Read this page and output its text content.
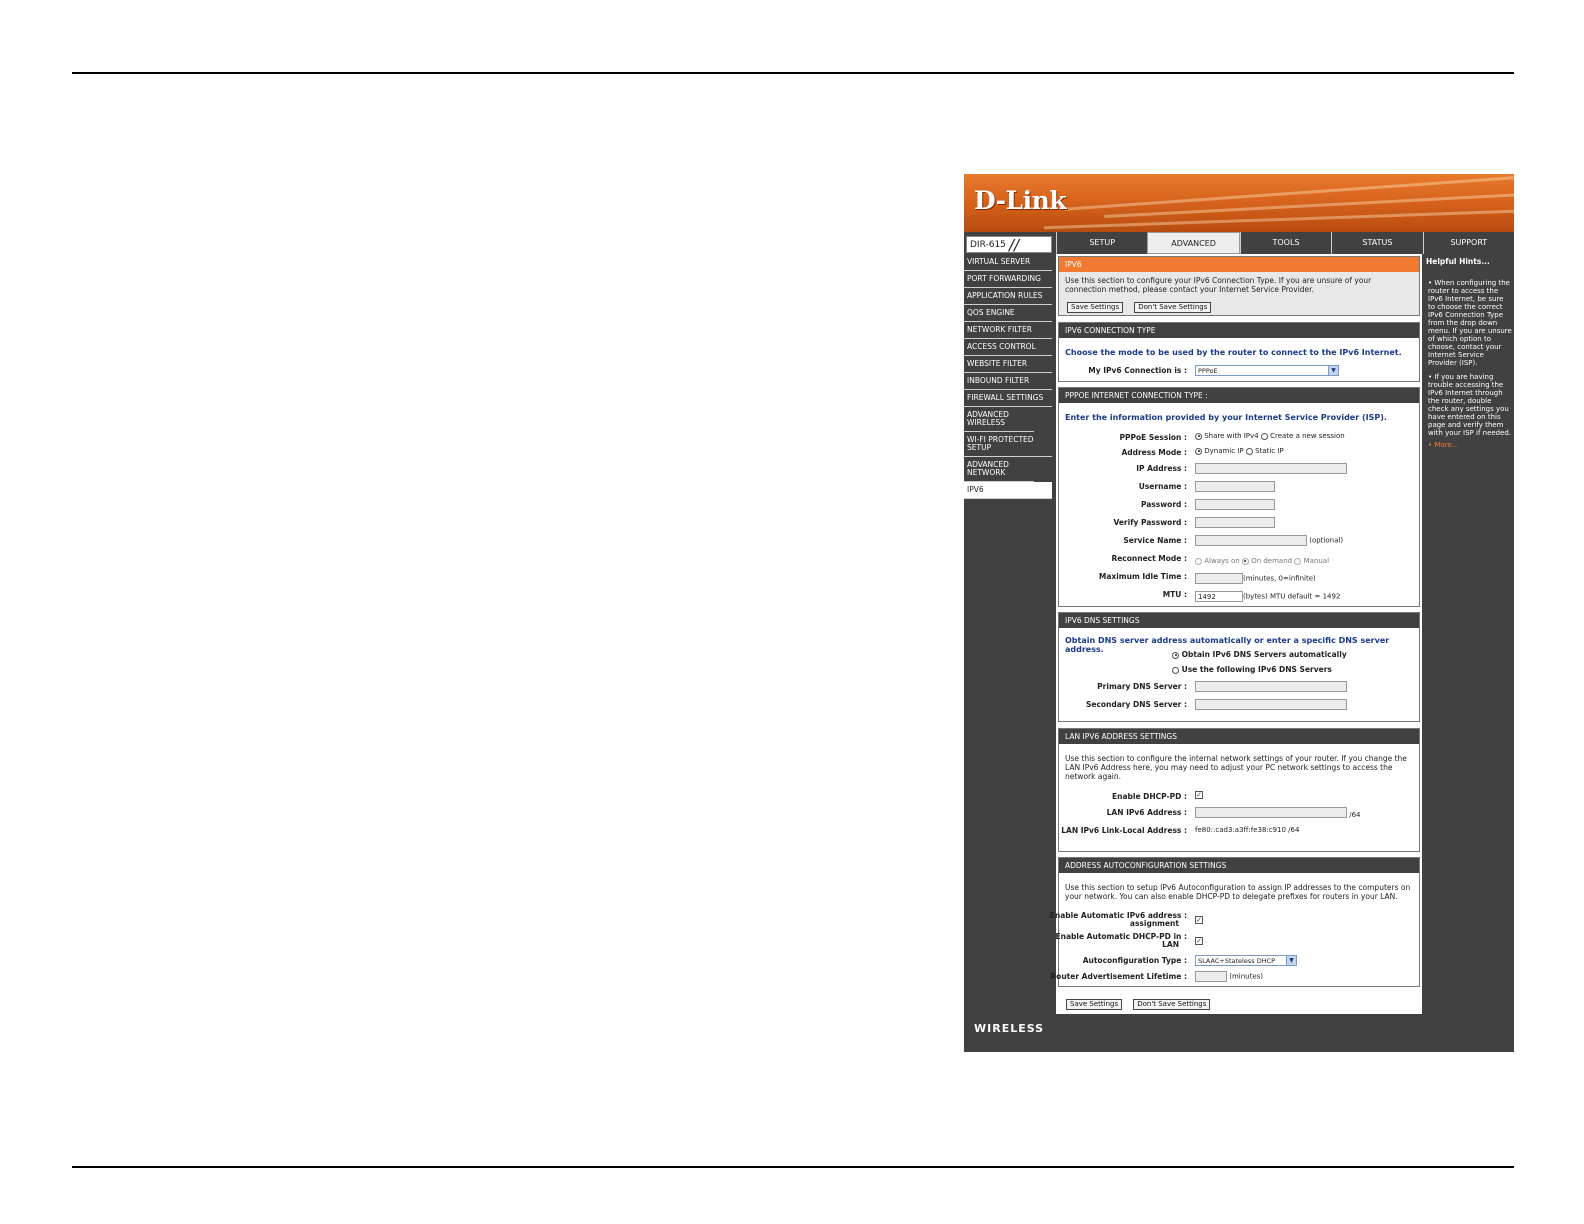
D-Link
DIR-615 //	SETUP	ADVANCED	TOOLS	STATUS	SUPPORT
VIRTUAL SERVER
PORT FORWARDING
APPLICATION RULES
QOS ENGINE
NETWORK FILTER
ACCESS CONTROL
WEBSITE FILTER
INBOUND FILTER
FIREWALL SETTINGS
ADVANCED WIRELESS
WI-FI PROTECTED SETUP
ADVANCED NETWORK
IPV6
IPV6
Use this section to configure your IPv6 Connection Type. If you are unsure of your connection method, please contact your Internet Service Provider.
Save Settings	Don't Save Settings
IPV6 CONNECTION TYPE
Choose the mode to be used by the router to connect to the IPv6 Internet.
My IPv6 Connection is :	PPPoE	▼
PPPOE INTERNET CONNECTION TYPE :
Enter the information provided by your Internet Service Provider (ISP).
PPPoE Session :	Share with IPv4 Create a new session
Address Mode :	Dynamic IP Static IP
IP Address :
Username :
Password :
Verify Password :
Service Name :	(optional)
Reconnect Mode :	Always on On demand Manual
Maximum Idle Time :	(minutes, 0=infinite)
MTU :	1492	(bytes) MTU default = 1492
IPV6 DNS SETTINGS
Obtain DNS server address automatically or enter a specific DNS server address.
Obtain IPv6 DNS Servers automatically
Use the following IPv6 DNS Servers
Primary DNS Server :
Secondary DNS Server :
LAN IPV6 ADDRESS SETTINGS
Use this section to configure the internal network settings of your router. If you change the LAN IPv6 Address here, you may need to adjust your PC network settings to access the network again.
Enable DHCP-PD : ✓
LAN IPv6 Address :	/64
LAN IPv6 Link-Local Address : fe80::cad3:a3ff:fe38:c910 /64
ADDRESS AUTOCONFIGURATION SETTINGS
Use this section to setup IPv6 Autoconfiguration to assign IP addresses to the computers on your network. You can also enable DHCP-PD to delegate prefixes for routers in your LAN.
Enable Automatic IPv6 address :
assignment	✓
Enable Automatic DHCP-PD in :
LAN	✓
Autoconfiguration Type :	SLAAC+Stateless DHCP	▼
Router Advertisement Lifetime :	(minutes)
Save Settings	Don't Save Settings
Helpful Hints...
• When configuring the router to access the IPv6 Internet, be sure to choose the correct IPv6 Connection Type from the drop down menu. If you are unsure of which option to choose, contact your Internet Service Provider (ISP).
• If you are having trouble accessing the IPv6 Internet through the router, double check any settings you have entered on this page and verify them with your ISP if needed.
• More...
WIRELESS
